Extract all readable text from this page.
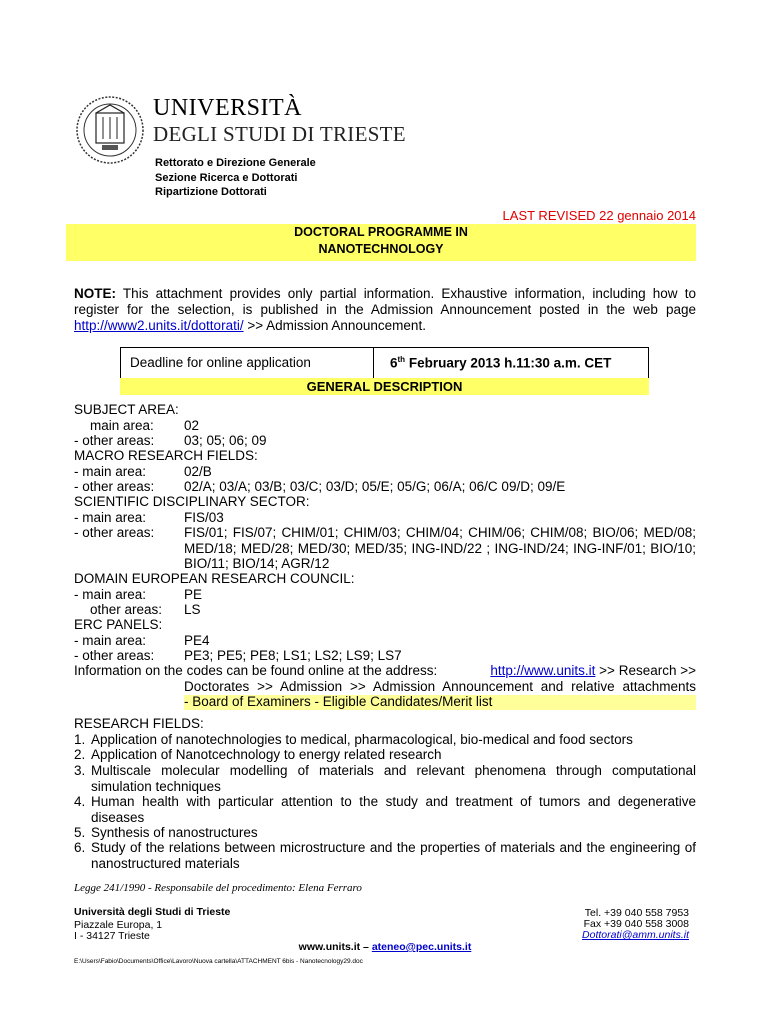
UNIVERSITÀ
DEGLI STUDI DI TRIESTE
Rettorato e Direzione Generale
Sezione Ricerca e Dottorati
Ripartizione Dottorati
LAST REVISED 22 gennaio 2014
DOCTORAL PROGRAMME IN
NANOTECHNOLOGY
NOTE: This attachment provides only partial information. Exhaustive information, including how to register for the selection, is published in the Admission Announcement posted in the web page http://www2.units.it/dottorati/ >> Admission Announcement.
Deadline for online application	6th February 2013 h.11:30 a.m. CET
GENERAL DESCRIPTION
SUBJECT AREA:
main area: 02
- other areas: 03; 05; 06; 09
MACRO RESEARCH FIELDS:
- main area:	02/B
- other areas: 02/A; 03/A; 03/B; 03/C; 03/D; 05/E; 05/G; 06/A; 06/C 09/D; 09/E
SCIENTIFIC DISCIPLINARY SECTOR:
- main area:	FIS/03
- other areas: FIS/01; FIS/07; CHIM/01; CHIM/03; CHIM/04; CHIM/06; CHIM/08; BIO/06; MED/08; MED/18; MED/28; MED/30; MED/35; ING-IND/22 ; ING-IND/24; ING-INF/01; BIO/10; BIO/11; BIO/14; AGR/12
DOMAIN EUROPEAN RESEARCH COUNCIL:
- main area:	PE
other areas: LS
ERC PANELS:
- main area:	PE4
- other areas: PE3; PE5; PE8; LS1; LS2; LS9; LS7
Information on the codes can be found online at the address:	http://www.units.it >> Research >>
Doctorates >> Admission >> Admission Announcement and relative attachments
- Board of Examiners - Eligible Candidates/Merit list
RESEARCH FIELDS:
1. Application of nanotechnologies to medical, pharmacological, bio-medical and food sectors
2. Application of Nanotcechnology to energy related research
3. Multiscale molecular modelling of materials and relevant phenomena through computational simulation techniques
4. Human health with particular attention to the study and treatment of tumors and degenerative diseases
5. Synthesis of nanostructures
6. Study of the relations between microstructure and the properties of materials and the engineering of nanostructured materials
Legge 241/1990 - Responsabile del procedimento: Elena Ferraro
Università degli Studi di Trieste
Piazzale Europa, 1
I - 34127 Trieste
Tel. +39 040 558 7953
Fax +39 040 558 3008
Dottorati@amm.units.it
www.units.it – ateneo@pec.units.it
E:\Users\Fabio\Documents\Office\Lavoro\Nuova cartella\ATTACHMENT 6bis - Nanotecnology29.doc
